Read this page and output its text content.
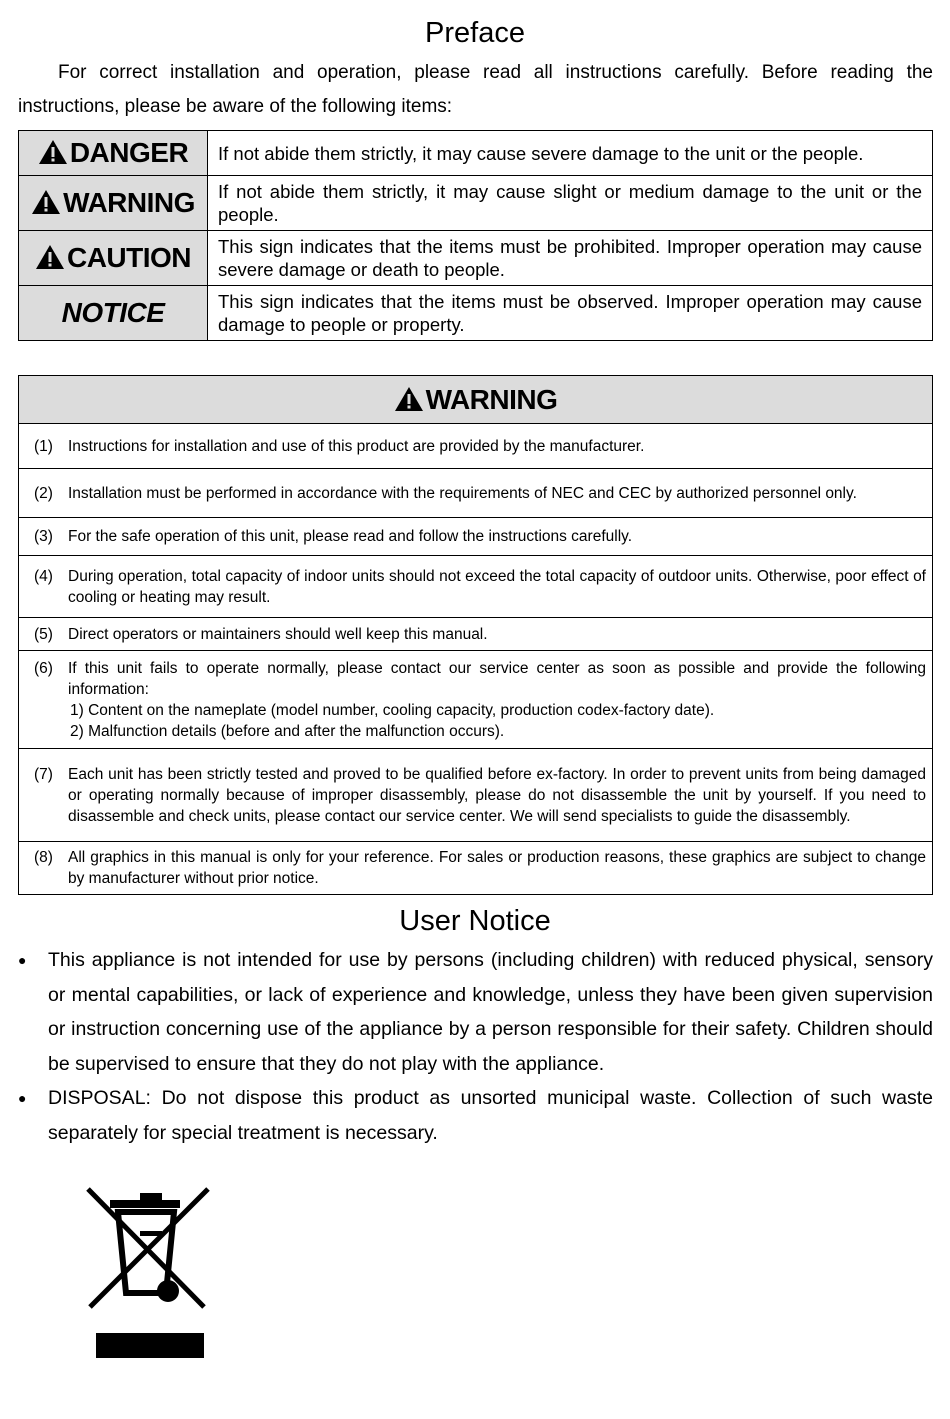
Preface
For correct installation and operation, please read all instructions carefully. Before reading the instructions, please be aware of the following items:
DANGER	If not abide them strictly, it may cause severe damage to the unit or the people.
WARNING	If not abide them strictly, it may cause slight or medium damage to the unit or the people.
CAUTION	This sign indicates that the items must be prohibited. Improper operation may cause severe damage or death to people.
NOTICE	This sign indicates that the items must be observed. Improper operation may cause damage to people or property.
WARNING

(1) Instructions for installation and use of this product are provided by the manufacturer.

(2) Installation must be performed in accordance with the requirements of NEC and CEC by authorized personnel only.

(3) For the safe operation of this unit, please read and follow the instructions carefully.

(4) During operation, total capacity of indoor units should not exceed the total capacity of outdoor units. Otherwise, poor effect of cooling or heating may result.

(5) Direct operators or maintainers should well keep this manual.

(6) If this unit fails to operate normally, please contact our service center as soon as possible and provide the following information:
1) Content on the nameplate (model number, cooling capacity, production codex-factory date).
2) Malfunction details (before and after the malfunction occurs).

(7) Each unit has been strictly tested and proved to be qualified before ex-factory. In order to prevent units from being damaged or operating normally because of improper disassembly, please do not disassemble the unit by yourself. If you need to disassemble and check units, please contact our service center. We will send specialists to guide the disassembly.

(8) All graphics in this manual is only for your reference. For sales or production reasons, these graphics are subject to change by manufacturer without prior notice.
User Notice
●	This appliance is not intended for use by persons (including children) with reduced physical, sensory or mental capabilities, or lack of experience and knowledge, unless they have been given supervision or instruction concerning use of the appliance by a person responsible for their safety. Children should be supervised to ensure that they do not play with the appliance.
●	DISPOSAL: Do not dispose this product as unsorted municipal waste. Collection of such waste separately for special treatment is necessary.
